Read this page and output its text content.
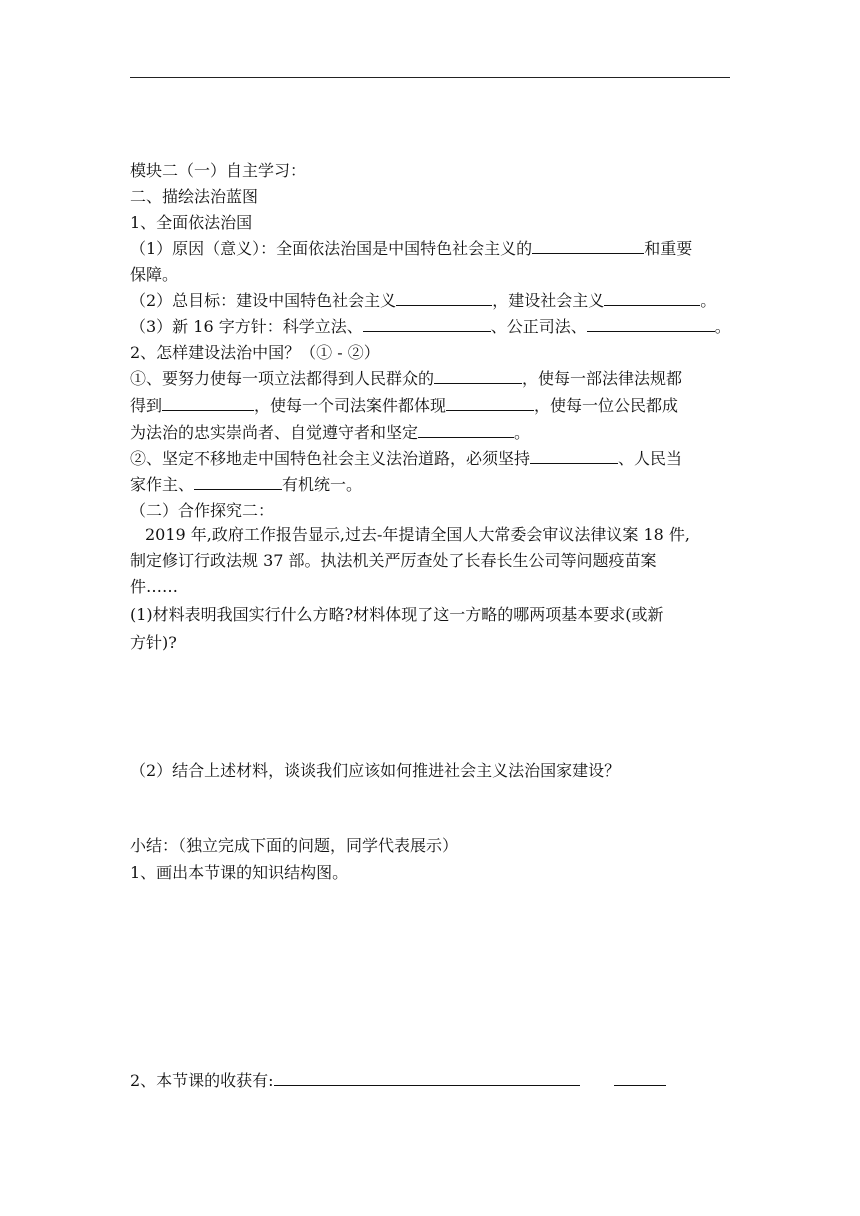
模块二（一）自主学习：
二、描绘法治蓝图
1、全面依法治国
（1）原因（意义）：全面依法治国是中国特色社会主义的	和重要
保障。
（2）总目标：建设中国特色社会主义	，建设社会主义	。
（3）新 16 字方针：科学立法、	、公正司法、	。
2、怎样建设法治中国？（① - ②）
①、要努力使每一项立法都得到人民群众的	，使每一部法律法规都
得到	，使每一个司法案件都体现	，使每一位公民都成
为法治的忠实崇尚者、自觉遵守者和坚定	。
②、坚定不移地走中国特色社会主义法治道路，必须坚持	、人民当
家作主、	有机统一。
（二）合作探究二：
2019 年,政府工作报告显示,过去-年提请全国人大常委会审议法律议案 18 件,
制定修订行政法规 37 部。执法机关严厉查处了长春长生公司等问题疫苗案
件……
(1)材料表明我国实行什么方略?材料体现了这一方略的哪两项基本要求(或新
方针)?
（2）结合上述材料，谈谈我们应该如何推进社会主义法治国家建设？
小结：（独立完成下面的问题，同学代表展示）
1、画出本节课的知识结构图。
2、本节课的收获有:
